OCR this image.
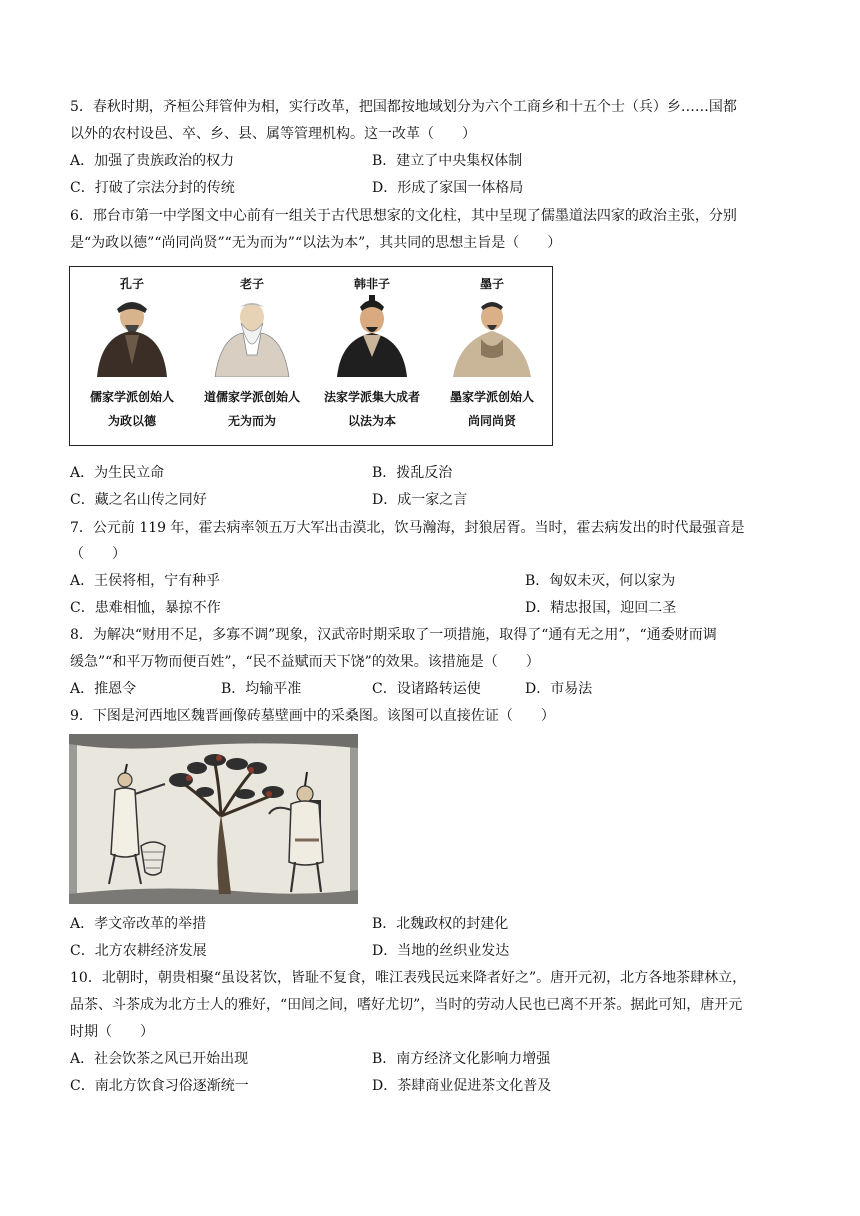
5．春秋时期，齐桓公拜管仲为相，实行改革，把国都按地域划分为六个工商乡和十五个士（兵）乡……国都
以外的农村设邑、卒、乡、县、属等管理机构。这一改革（　　）
A．加强了贵族政治的权力	B．建立了中央集权体制
C．打破了宗法分封的传统	D．形成了家国一体格局
6．邢台市第一中学图文中心前有一组关于古代思想家的文化柱，其中呈现了儒墨道法四家的政治主张，分别
是“为政以德”“尚同尚贤”“无为而为”“以法为本”，其共同的思想主旨是（　　）
孔子
儒家学派创始人
为政以德
老子
道儒家学派创始人
无为而为
韩非子
法家学派集大成者
以法为本
墨子
墨家学派创始人
尚同尚贤
A．为生民立命	B．拨乱反治
C．藏之名山传之同好	D．成一家之言
7．公元前 119 年，霍去病率领五万大军出击漠北，饮马瀚海，封狼居胥。当时，霍去病发出的时代最强音是
（　　）
A．王侯将相，宁有种乎	B．匈奴未灭，何以家为
C．患难相恤，暴掠不作	D．精忠报国，迎回二圣
8．为解决“财用不足，多寡不调”现象，汉武帝时期采取了一项措施，取得了“通有无之用”，“通委财而调
缓急”“和平万物而便百姓”，“民不益赋而天下饶”的效果。该措施是（　　）
A．推恩令	B．均输平准	C．设诸路转运使	D．市易法
9．下图是河西地区魏晋画像砖墓壁画中的采桑图。该图可以直接佐证（　　）
A．孝文帝改革的举措	B．北魏政权的封建化
C．北方农耕经济发展	D．当地的丝织业发达
10．北朝时，朝贵相聚“虽设茗饮，皆耻不复食，唯江表残民远来降者好之”。唐开元初，北方各地茶肆林立，
品茶、斗茶成为北方士人的雅好，“田闾之间，嗜好尤切”，当时的劳动人民也已离不开茶。据此可知，唐开元
时期（　　）
A．社会饮茶之风已开始出现	B．南方经济文化影响力增强
C．南北方饮食习俗逐渐统一	D．茶肆商业促进茶文化普及
